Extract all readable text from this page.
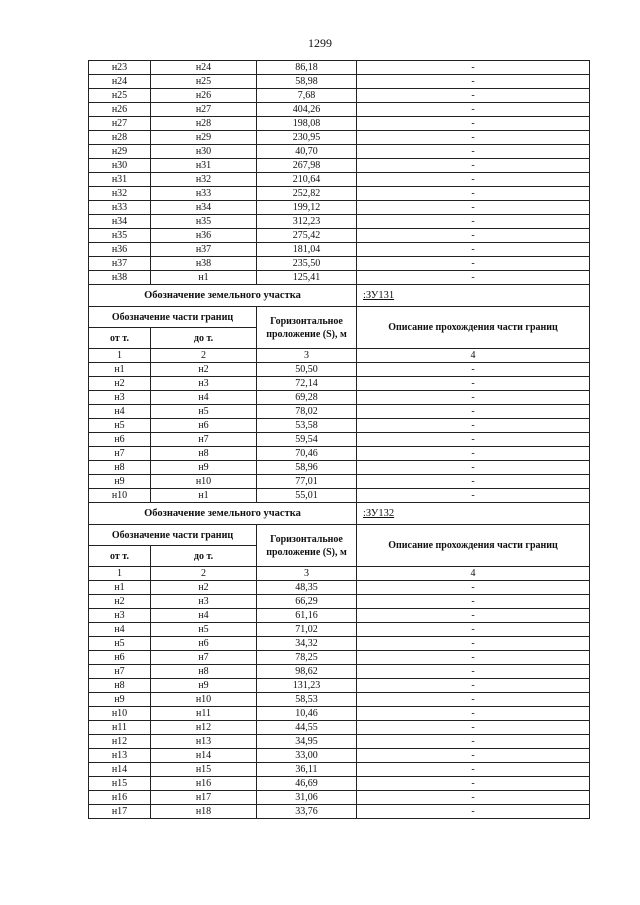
1299
н23	н24	86,18	-
н24	н25	58,98	-
н25	н26	7,68	-
н26	н27	404,26	-
н27	н28	198,08	-
н28	н29	230,95	-
н29	н30	40,70	-
н30	н31	267,98	-
н31	н32	210,64	-
н32	н33	252,82	-
н33	н34	199,12	-
н34	н35	312,23	-
н35	н36	275,42	-
н36	н37	181,04	-
н37	н38	235,50	-
н38	н1	125,41	-
Обозначение земельного участка			:ЗУ131
Обозначение части границ		Горизонтальное проложение (S), м	Описание прохождения части границ
от т.	до т.		
1	2	3	4
н1	н2	50,50	-
н2	н3	72,14	-
н3	н4	69,28	-
н4	н5	78,02	-
н5	н6	53,58	-
н6	н7	59,54	-
н7	н8	70,46	-
н8	н9	58,96	-
н9	н10	77,01	-
н10	н1	55,01	-
Обозначение земельного участка			:ЗУ132
Обозначение части границ		Горизонтальное проложение (S), м	Описание прохождения части границ
от т.	до т.		
1	2	3	4
н1	н2	48,35	-
н2	н3	66,29	-
н3	н4	61,16	-
н4	н5	71,02	-
н5	н6	34,32	-
н6	н7	78,25	-
н7	н8	98,62	-
н8	н9	131,23	-
н9	н10	58,53	-
н10	н11	10,46	-
н11	н12	44,55	-
н12	н13	34,95	-
н13	н14	33,00	-
н14	н15	36,11	-
н15	н16	46,69	-
н16	н17	31,06	-
н17	н18	33,76	-
